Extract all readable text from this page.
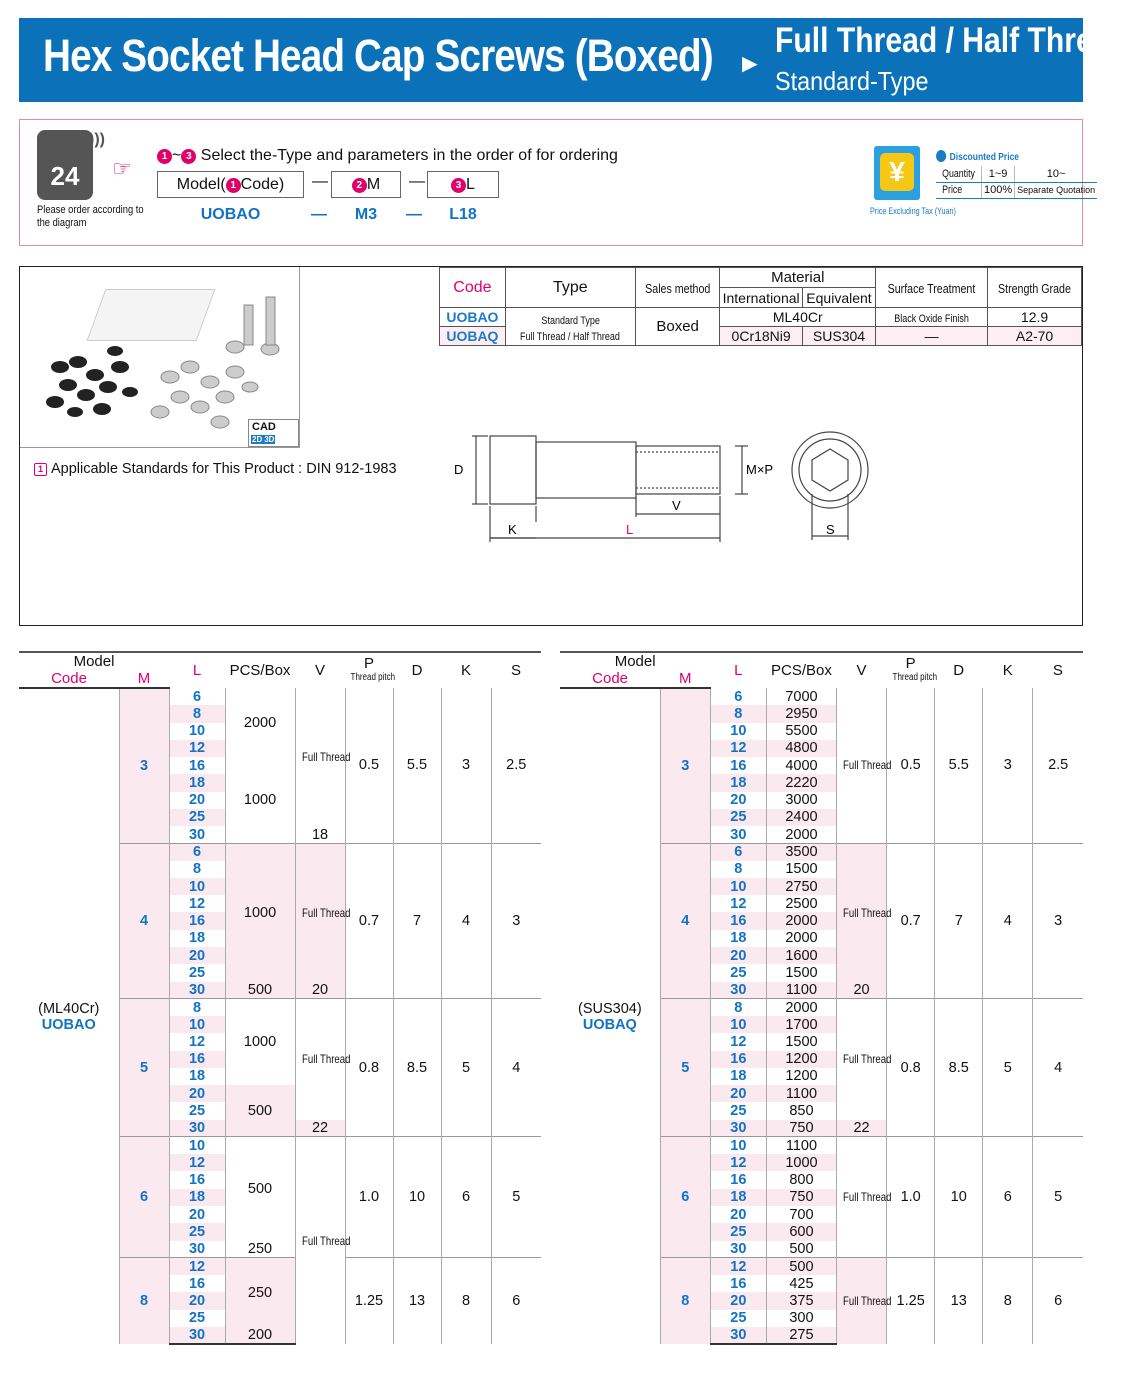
Hex Socket Head Cap Screws (Boxed) ►
Full Thread / Half Thread
Standard-Type
24
)))
Please order according to the diagram
☞	1 ~ 3 Select the-Type and parameters in the order of for ordering
Model( 1 Code)	—	2 M	—	3 L
UOBAO	—	M3	—	L18
¥
Price Excluding Tax (Yuan)
Discounted Price
Quantity	1~9	10~
Price	100%	Separate Quotation
CAD 2D 3D
1 Applicable Standards for This Product : DIN 912-1983
Code	Type	Sales method	Material		Surface Treatment	Strength Grade
			International	Equivalent		
UOBAO	Standard Type Full Thread / Half Thread	Boxed	ML40Cr		Black Oxide Finish	12.9
UOBAQ			0Cr18Ni9	SUS304	—	A2-70
D	M×P
K	L
V
S
Model		L	PCS/Box	V	P
Thread pitch	D	K	S
Code	M							

(ML40Cr)
UOBAO	3	6	2000	Full Thread	0.5	5.5	3	2.5
		8						
		10						
		12						
		16	1000					
		18						
		20						
		25						
		30		18				
	4	6	1000	Full Thread	0.7	7	4	3
		8						
		10						
		12						
		16						
		18						
		20						
		25						
		30	500	20				
	5	8	1000	Full Thread	0.8	8.5	5	4
		10						
		12						
		16						
		18						
		20	500					
		25						
		30		22				
	6	10	500	Full Thread	1.0	10	6	5
		12						
		16						
		18						
		20						
		25						
		30	250					
	8	12	250		1.25	13	8	6
		16						
		20						
		25						
		30	200					
Model		L	PCS/Box	V	P
Thread pitch	D	K	S
Code	M							

(SUS304)
UOBAQ	3	6	7000	Full Thread	0.5	5.5	3	2.5
		8	2950					
		10	5500					
		12	4800					
		16	4000					
		18	2220					
		20	3000					
		25	2400					
		30	2000					
	4	6	3500	Full Thread	0.7	7	4	3
		8	1500					
		10	2750					
		12	2500					
		16	2000					
		18	2000					
		20	1600					
		25	1500					
		30	1100	20				
	5	8	2000	Full Thread	0.8	8.5	5	4
		10	1700					
		12	1500					
		16	1200					
		18	1200					
		20	1100					
		25	850					
		30	750	22				
	6	10	1100	Full Thread	1.0	10	6	5
		12	1000					
		16	800					
		18	750					
		20	700					
		25	600					
		30	500					
	8	12	500	Full Thread	1.25	13	8	6
		16	425					
		20	375					
		25	300					
		30	275					
